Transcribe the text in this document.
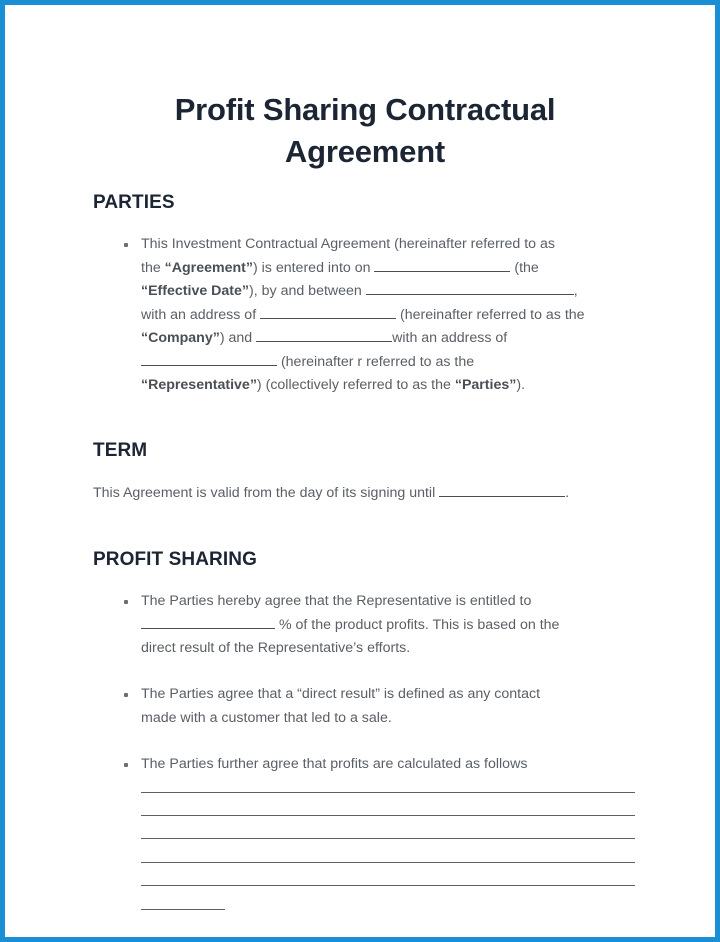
Profit Sharing Contractual
Agreement
PARTIES
This Investment Contractual Agreement (hereinafter referred to as
the “Agreement”) is entered into on	(the
“Effective Date”), by and between	,
with an address of	(hereinafter referred to as the
“Company”) and	with an address of
(hereinafter r referred to as the
“Representative”) (collectively referred to as the “Parties”).
TERM
This Agreement is valid from the day of its signing until	.
PROFIT SHARING
The Parties hereby agree that the Representative is entitled to
% of the product profits. This is based on the
direct result of the Representative’s efforts.
The Parties agree that a “direct result” is defined as any contact
made with a customer that led to a sale.
The Parties further agree that profits are calculated as follows
